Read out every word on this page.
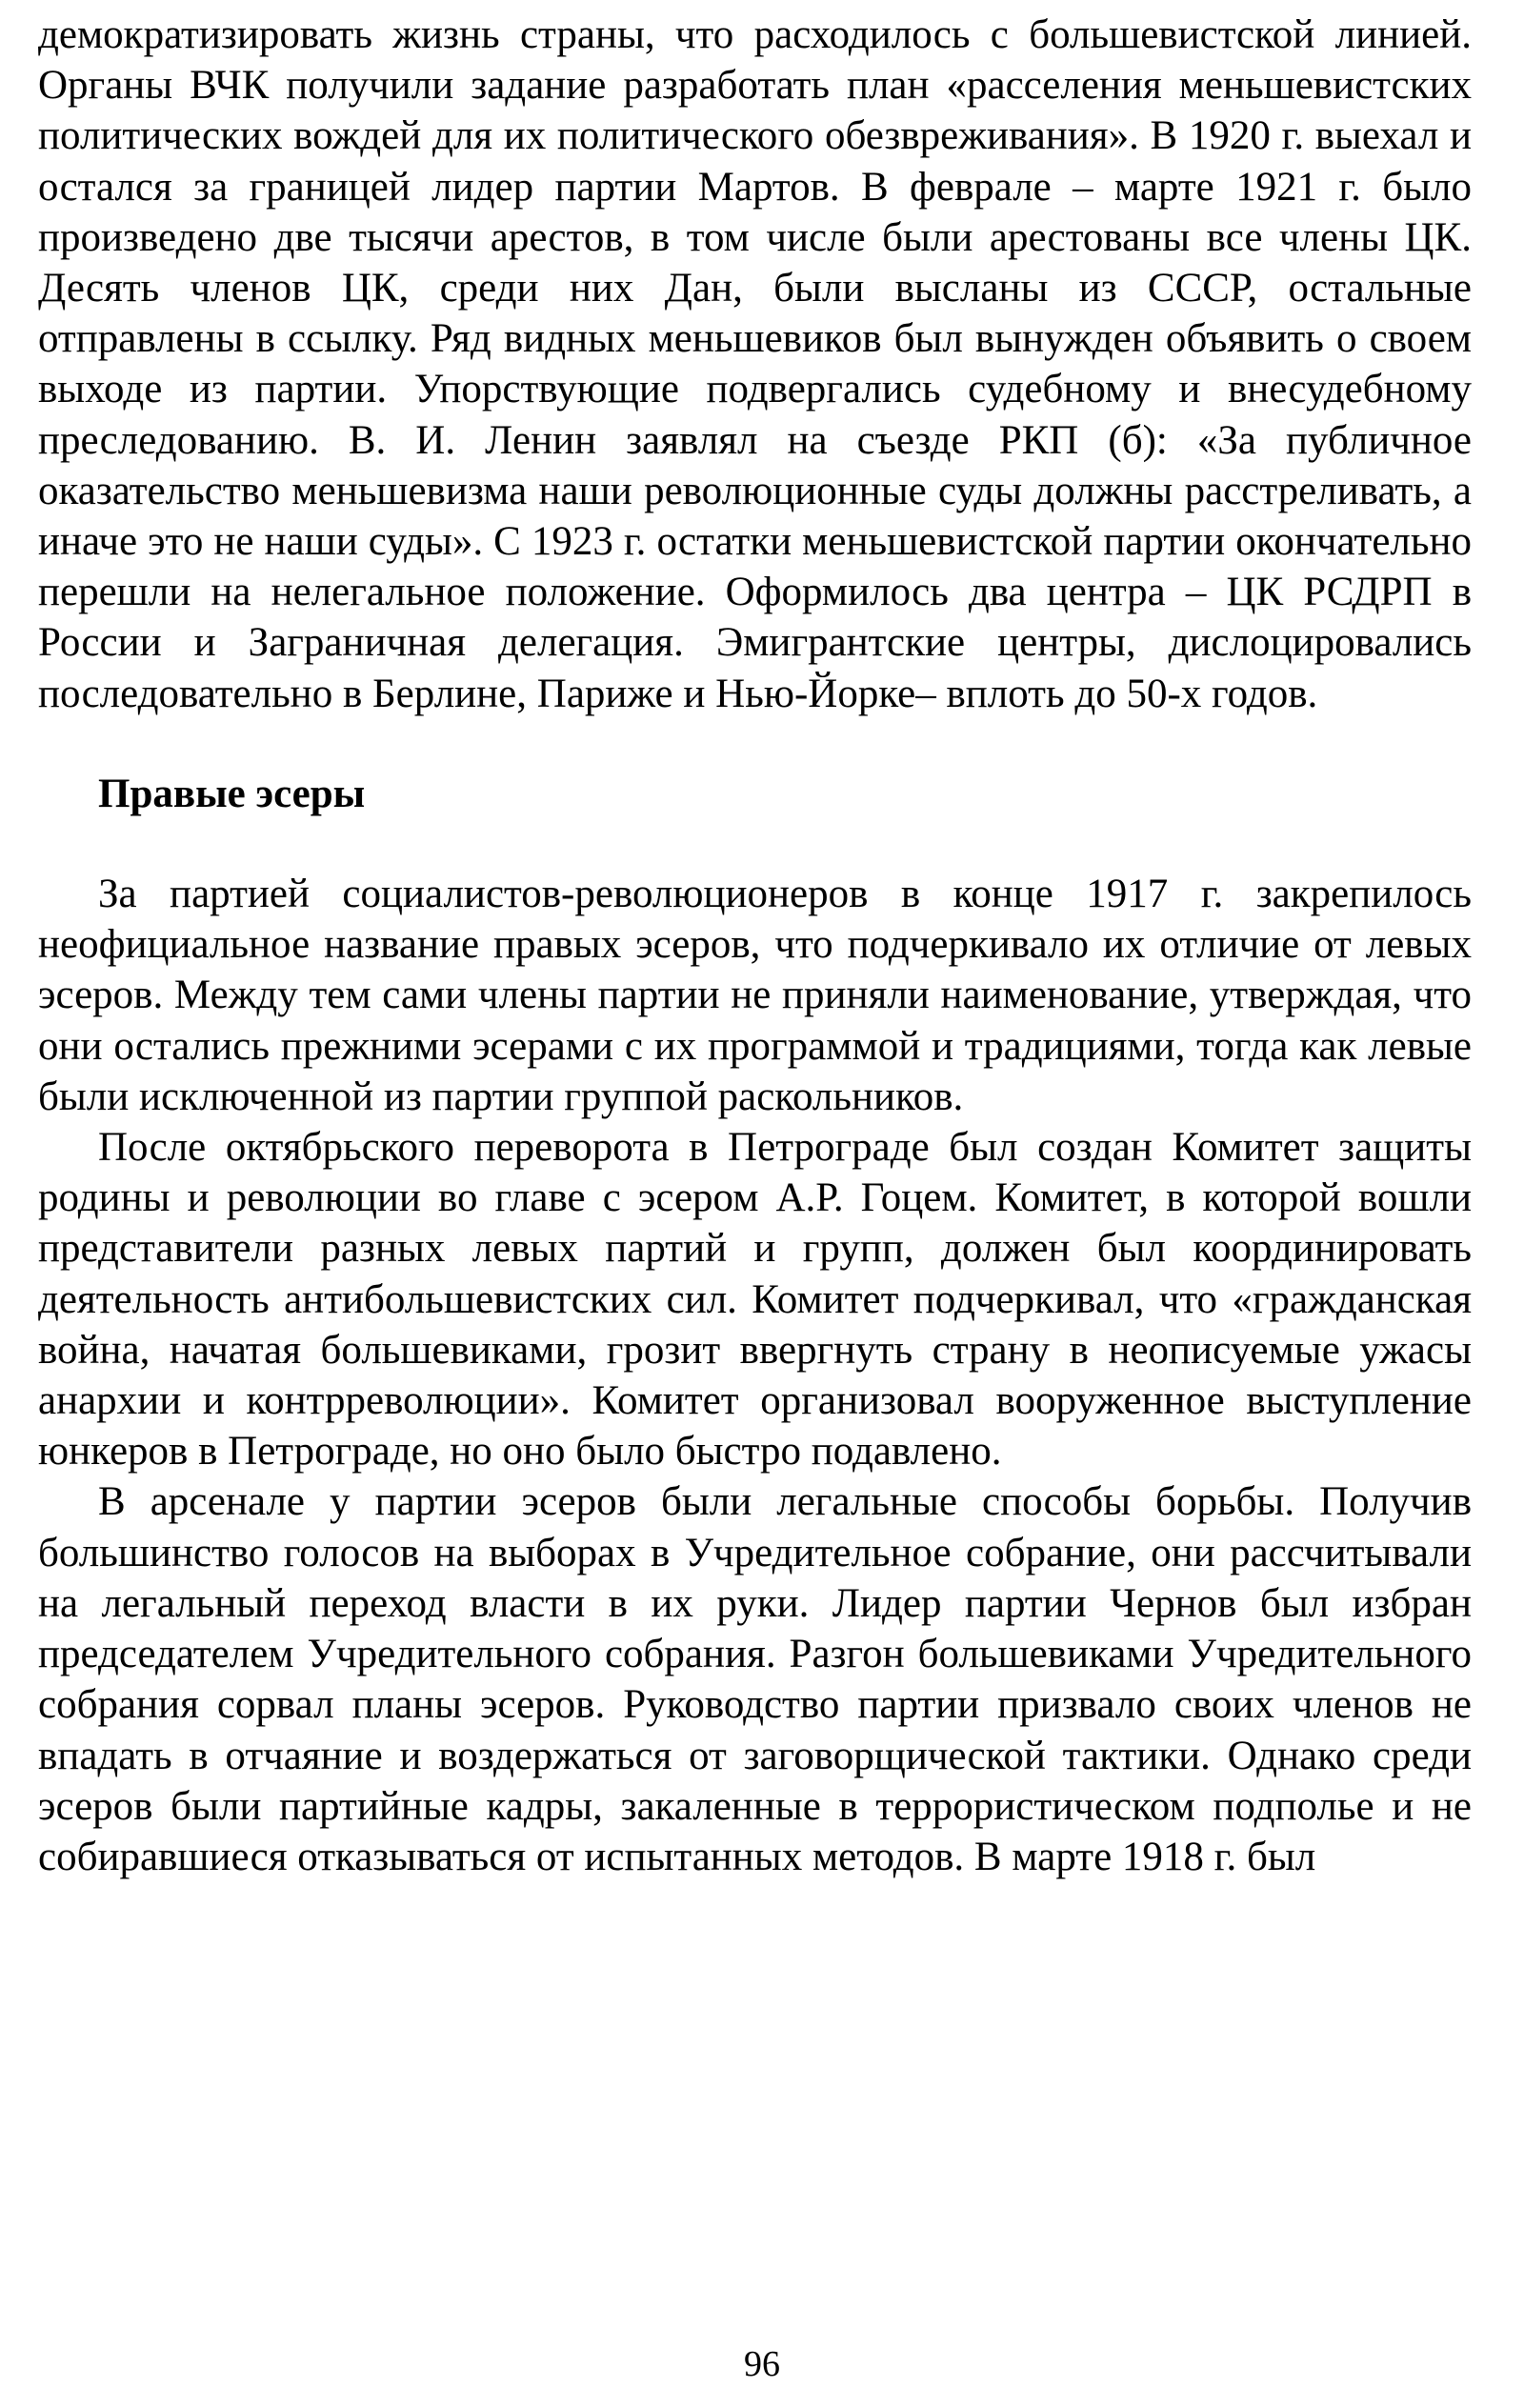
демократизировать жизнь страны, что расходилось с большевистской линией. Органы ВЧК получили задание разработать план «расселения меньшевистских политических вождей для их политического обезвреживания». В 1920 г. выехал и остался за границей лидер партии Мартов. В феврале – марте 1921 г. было произведено две тысячи арестов, в том числе были арестованы все члены ЦК. Десять членов ЦК, среди них Дан, были высланы из СССР, остальные отправлены в ссылку. Ряд видных меньшевиков был вынужден объявить о своем выходе из партии. Упорствующие подвергались судебному и внесудебному преследованию. В. И. Ленин заявлял на съезде РКП (б): «За публичное оказательство меньшевизма наши революционные суды должны расстреливать, а иначе это не наши суды». С 1923 г. остатки меньшевистской партии окончательно перешли на нелегальное положение. Оформилось два центра – ЦК РСДРП в России и Заграничная делегация. Эмигрантские центры, дислоцировались последовательно в Берлине, Париже и Нью-Йорке– вплоть до 50-х годов.

Правые эсеры

За партией социалистов-революционеров в конце 1917 г. закрепилось неофициальное название правых эсеров, что подчеркивало их отличие от левых эсеров. Между тем сами члены партии не приняли наименование, утверждая, что они остались прежними эсерами с их программой и традициями, тогда как левые были исключенной из партии группой раскольников.

После октябрьского переворота в Петрограде был создан Комитет защиты родины и революции во главе с эсером А.Р. Гоцем. Комитет, в которой вошли представители разных левых партий и групп, должен был координировать деятельность антибольшевистских сил. Комитет подчеркивал, что «гражданская война, начатая большевиками, грозит ввергнуть страну в неописуемые ужасы анархии и контрреволюции». Комитет организовал вооруженное выступление юнкеров в Петрограде, но оно было быстро подавлено.

В арсенале у партии эсеров были легальные способы борьбы. Получив большинство голосов на выборах в Учредительное собрание, они рассчитывали на легальный переход власти в их руки. Лидер партии Чернов был избран председателем Учредительного собрания. Разгон большевиками Учредительного собрания сорвал планы эсеров. Руководство партии призвало своих членов не впадать в отчаяние и воздержаться от заговорщической тактики. Однако среди эсеров были партийные кадры, закаленные в террористическом подполье и не собиравшиеся отказываться от испытанных методов. В марте 1918 г. был

96
